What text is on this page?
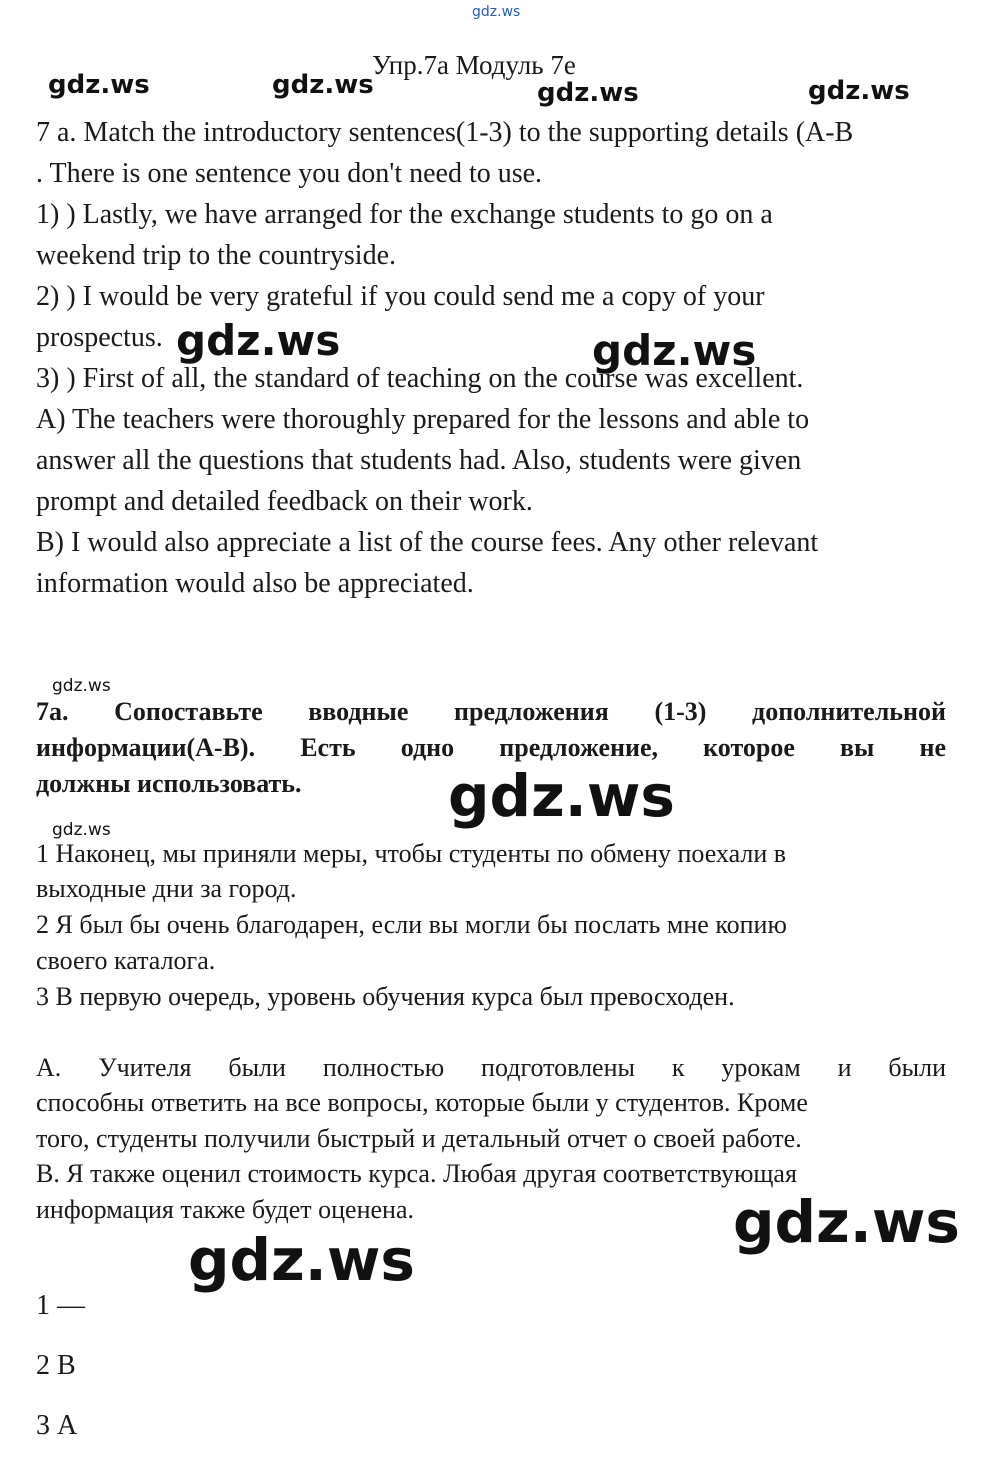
gdz.ws
Упр.7а Модуль 7e
gdz.ws	gdz.ws	gdz.ws	gdz.ws
7 a. Match the introductory sentences(1-3) to the supporting details (A-B
. There is one sentence you don't need to use.
1) ) Lastly, we have arranged for the exchange students to go on a
weekend trip to the countryside.
2) ) I would be very grateful if you could send me a copy of your
prospectus.
3) ) First of all, the standard of teaching on the course was excellent.
A) The teachers were thoroughly prepared for the lessons and able to
answer all the questions that students had. Also, students were given
prompt and detailed feedback on their work.
B) I would also appreciate a list of the course fees. Any other relevant
information would also be appreciated.
gdz.ws	gdz.ws
gdz.ws
7а. Сопоставьте вводные предложения (1-3) дополнительной
информации(А-В). Есть одно предложение, которое вы не
должны использовать.
1 Наконец, мы приняли меры, чтобы студенты по обмену поехали в
выходные дни за город.
2 Я был бы очень благодарен, если вы могли бы послать мне копию
своего каталога.
3 В первую очередь, уровень обучения курса был превосходен.
А. Учителя были полностью подготовлены к урокам и были
способны ответить на все вопросы, которые были у студентов. Кроме
того, студенты получили быстрый и детальный отчет о своей работе.
В. Я также оценил стоимость курса. Любая другая соответствующая
информация также будет оценена.
gdz.ws
gdz.ws
gdz.ws
gdz.ws
1 —
2 В
3 А
